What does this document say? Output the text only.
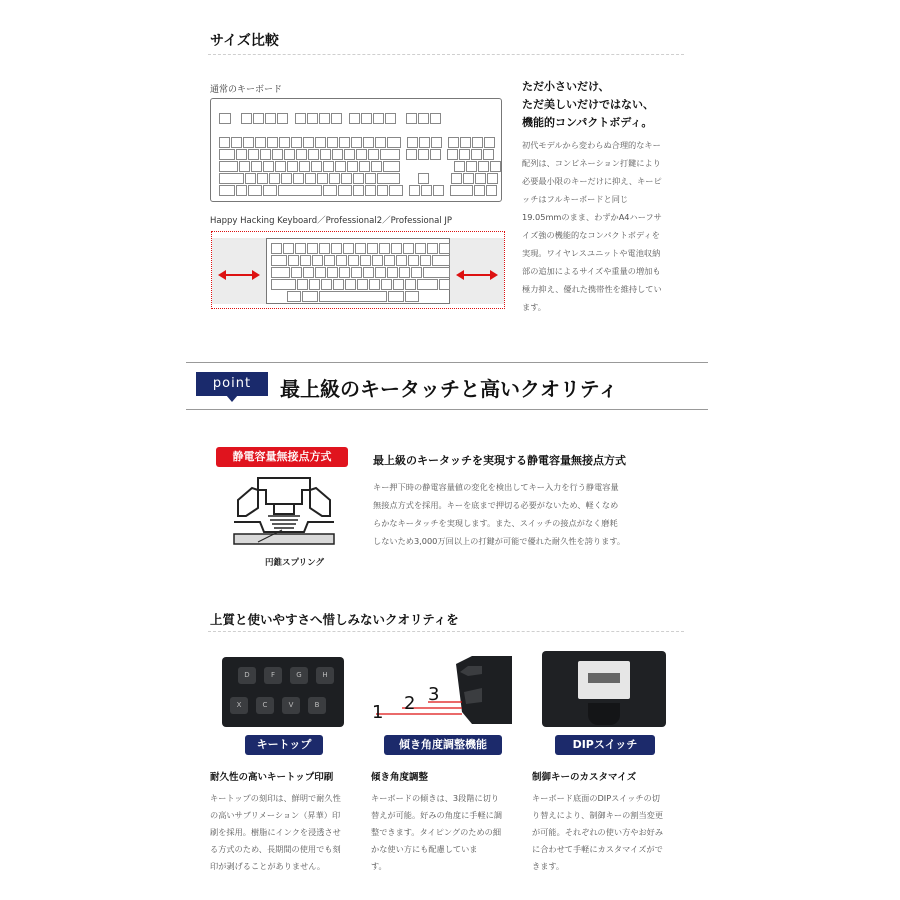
サイズ比較
通常のキーボード
Happy Hacking Keyboard／Professional2／Professional JP
ただ小さいだけ、
ただ美しいだけではない、
機能的コンパクトボディ。
初代モデルから変わらぬ合理的なキー
配列は、コンビネーション打鍵により
必要最小限のキーだけに抑え、キーピ
ッチはフルキーボードと同じ
19.05mmのまま、わずかA4ハーフサ
イズ強の機能的なコンパクトボディを
実現。ワイヤレスユニットや電池収納
部の追加によるサイズや重量の増加も
極力抑え、優れた携帯性を維持してい
ます。
point	最上級のキータッチと高いクオリティ
静電容量無接点方式
円錐スプリング
最上級のキータッチを実現する静電容量無接点方式
キー押下時の静電容量値の変化を検出してキー入力を行う静電容量
無接点方式を採用。キーを底まで押切る必要がないため、軽くなめ
らかなキータッチを実現します。また、スイッチの接点がなく磨耗
しないため3,000万回以上の打鍵が可能で優れた耐久性を誇ります。
上質と使いやすさへ惜しみないクオリティを
D	F	G	H
X	C	V	B
キートップ
1 2 3
傾き角度調整機能	DIPスイッチ
耐久性の高いキートップ印刷	傾き角度調整	制御キーのカスタマイズ
キートップの刻印は、鮮明で耐久性
の高いサブリメーション（昇華）印
刷を採用。樹脂にインクを浸透させ
る方式のため、長期間の使用でも刻
印が剥げることがありません。
キーボードの傾きは、3段階に切り
替えが可能。好みの角度に手軽に調
整できます。タイピングのための細
かな使い方にも配慮していま
す。
キーボード底面のDIPスイッチの切
り替えにより、制御キーの割当変更
が可能。それぞれの使い方やお好み
に合わせて手軽にカスタマイズがで
きます。
